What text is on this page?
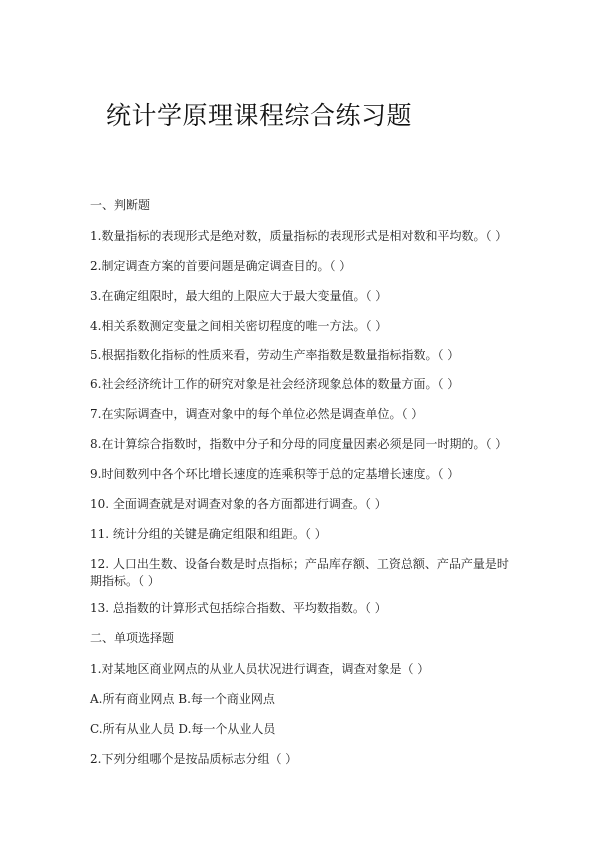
统计学原理课程综合练习题
一、判断题
1.数量指标的表现形式是绝对数，质量指标的表现形式是相对数和平均数。（ ）
2.制定调查方案的首要问题是确定调查目的。（ ）
3.在确定组限时，最大组的上限应大于最大变量值。（ ）
4.相关系数测定变量之间相关密切程度的唯一方法。（ ）
5.根据指数化指标的性质来看，劳动生产率指数是数量指标指数。（ ）
6.社会经济统计工作的研究对象是社会经济现象总体的数量方面。（ ）
7.在实际调查中，调查对象中的每个单位必然是调查单位。（ ）
8.在计算综合指数时，指数中分子和分母的同度量因素必须是同一时期的。（ ）
9.时间数列中各个环比增长速度的连乘积等于总的定基增长速度。（ ）
10. 全面调查就是对调查对象的各方面都进行调查。（ ）
11. 统计分组的关键是确定组限和组距。（ ）
12. 人口出生数、设备台数是时点指标；产品库存额、工资总额、产品产量是时期指标。（ ）
13. 总指数的计算形式包括综合指数、平均数指数。（ ）
二、单项选择题
1.对某地区商业网点的从业人员状况进行调查，调查对象是（ ）
A.所有商业网点 B.每一个商业网点
C.所有从业人员 D.每一个从业人员
2.下列分组哪个是按品质标志分组（ ）
